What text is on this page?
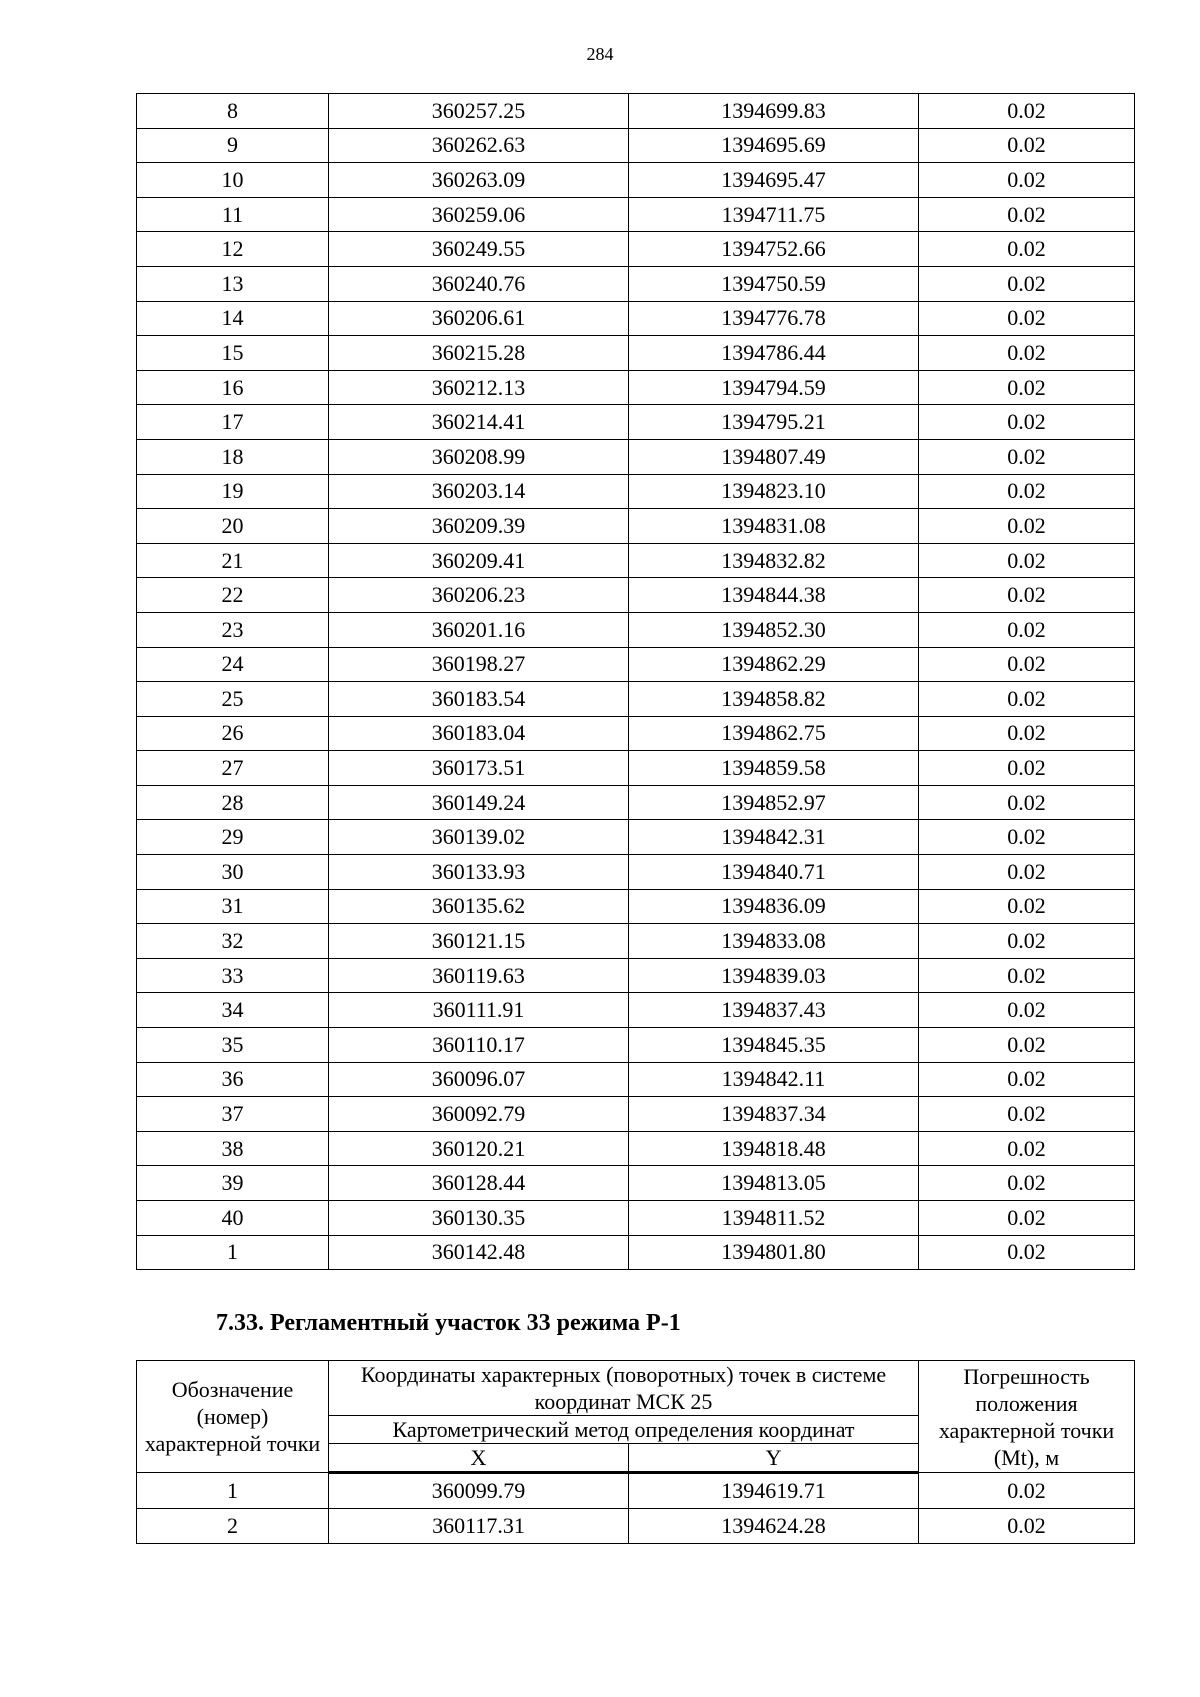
284
8	360257.25	1394699.83	0.02
9	360262.63	1394695.69	0.02
10	360263.09	1394695.47	0.02
11	360259.06	1394711.75	0.02
12	360249.55	1394752.66	0.02
13	360240.76	1394750.59	0.02
14	360206.61	1394776.78	0.02
15	360215.28	1394786.44	0.02
16	360212.13	1394794.59	0.02
17	360214.41	1394795.21	0.02
18	360208.99	1394807.49	0.02
19	360203.14	1394823.10	0.02
20	360209.39	1394831.08	0.02
21	360209.41	1394832.82	0.02
22	360206.23	1394844.38	0.02
23	360201.16	1394852.30	0.02
24	360198.27	1394862.29	0.02
25	360183.54	1394858.82	0.02
26	360183.04	1394862.75	0.02
27	360173.51	1394859.58	0.02
28	360149.24	1394852.97	0.02
29	360139.02	1394842.31	0.02
30	360133.93	1394840.71	0.02
31	360135.62	1394836.09	0.02
32	360121.15	1394833.08	0.02
33	360119.63	1394839.03	0.02
34	360111.91	1394837.43	0.02
35	360110.17	1394845.35	0.02
36	360096.07	1394842.11	0.02
37	360092.79	1394837.34	0.02
38	360120.21	1394818.48	0.02
39	360128.44	1394813.05	0.02
40	360130.35	1394811.52	0.02
1	360142.48	1394801.80	0.02
7.33. Регламентный участок 33 режима Р-1
Обозначение (номер) характерной точки	Координаты характерных (поворотных) точек в системе координат МСК 25		Погрешность положения характерной точки (Mt), м
	Картометрический метод определения координат		
	X	Y	
1	360099.79	1394619.71	0.02
2	360117.31	1394624.28	0.02
